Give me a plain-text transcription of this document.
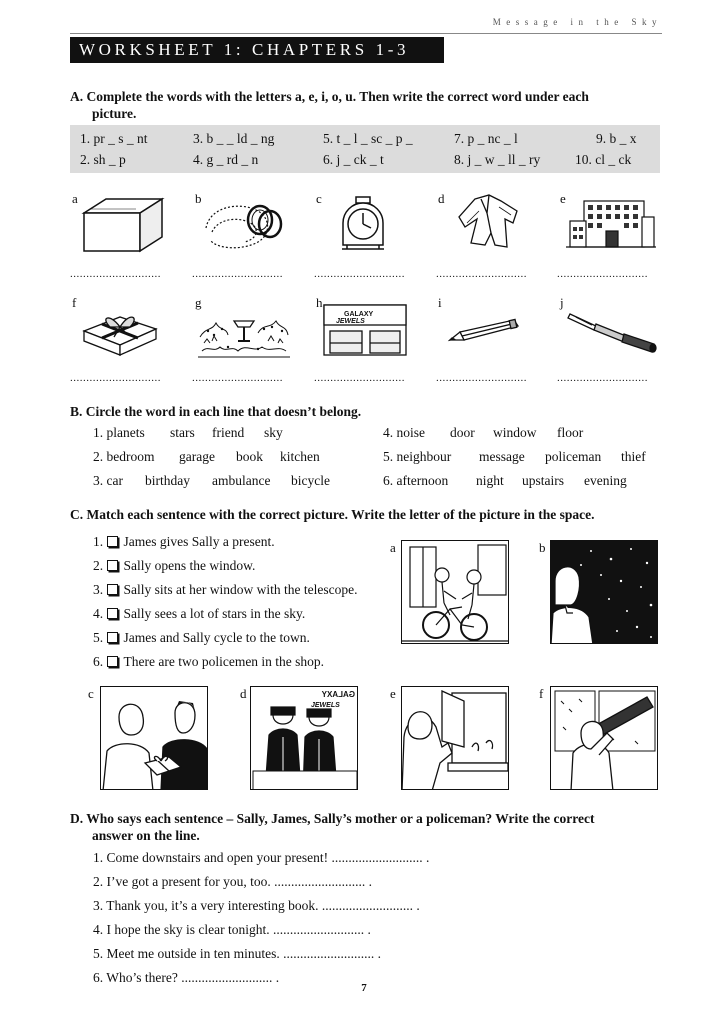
Message in the Sky
WORKSHEET 1: CHAPTERS 1-3
A. Complete the words with the letters a, e, i, o, u. Then write the correct word under each
picture.
1. pr _ s _ nt	3. b _ _ ld _ ng	5. t _ l _ sc _ p _	7. p _ nc _ l	9. b _ x
2. sh _ p	4. g _ rd _ n	6. j _ ck _ t	8. j _ w _ ll _ ry	10. cl _ ck
a	b	c	d	e
............................	............................	............................	............................	............................
f	g	h	i	j
GALAXY
JEWELS
............................	............................	............................	............................	............................
B. Circle the word in each line that doesn’t belong.
1. planets stars friend sky
2. bedroom garage book kitchen
3. car birthday ambulance bicycle
4. noise door window floor
5. neighbour message policeman thief
6. afternoon night upstairs evening
C. Match each sentence with the correct picture. Write the letter of the picture in the space.
1. James gives Sally a present.
2. Sally opens the window.
3. Sally sits at her window with the telescope.
4. Sally sees a lot of stars in the sky.
5. James and Sally cycle to the town.
6. There are two policemen in the shop.
a	b
c	d	e	f
GALAXY
JEWELS
D. Who says each sentence – Sally, James, Sally’s mother or a policeman? Write the correct
answer on the line.
1. Come downstairs and open your present! ........................... .
2. I’ve got a present for you, too. ........................... .
3. Thank you, it’s a very interesting book. ........................... .
4. I hope the sky is clear tonight. ........................... .
5. Meet me outside in ten minutes. ........................... .
6. Who’s there? ........................... .
7
